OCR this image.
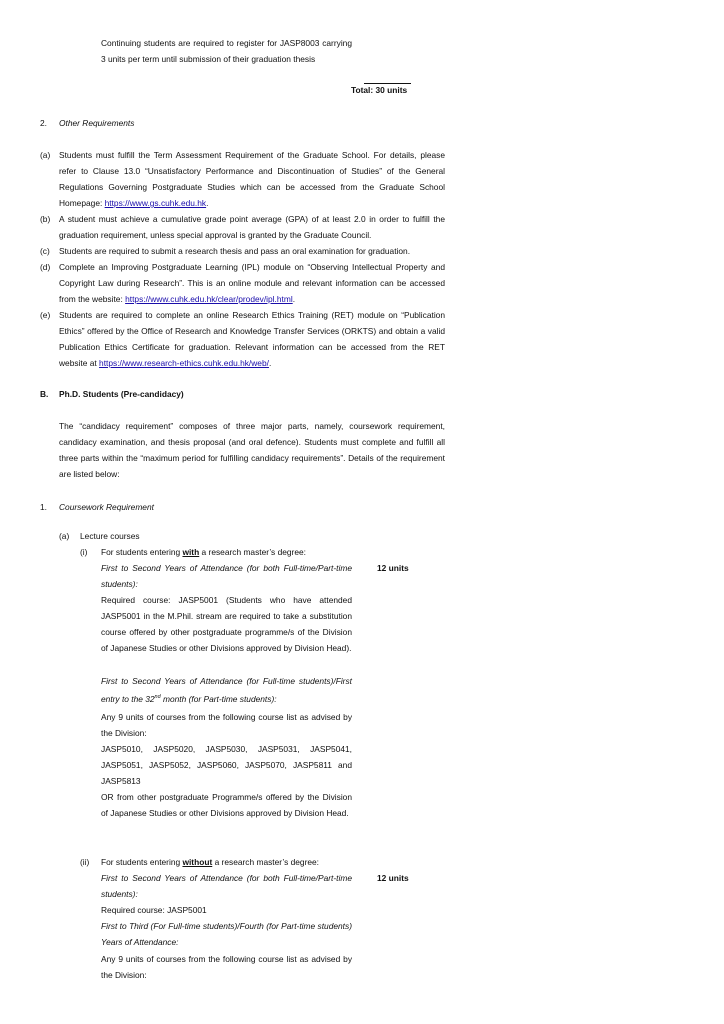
Continuing students are required to register for JASP8003 carrying 3 units per term until submission of their graduation thesis
Total: 30 units
2. Other Requirements
(a) Students must fulfill the Term Assessment Requirement of the Graduate School. For details, please refer to Clause 13.0 “Unsatisfactory Performance and Discontinuation of Studies” of the General Regulations Governing Postgraduate Studies which can be accessed from the Graduate School Homepage: https://www.gs.cuhk.edu.hk.
(b) A student must achieve a cumulative grade point average (GPA) of at least 2.0 in order to fulfill the graduation requirement, unless special approval is granted by the Graduate Council.
(c) Students are required to submit a research thesis and pass an oral examination for graduation.
(d) Complete an Improving Postgraduate Learning (IPL) module on “Observing Intellectual Property and Copyright Law during Research”. This is an online module and relevant information can be accessed from the website: https://www.cuhk.edu.hk/clear/prodev/ipl.html.
(e) Students are required to complete an online Research Ethics Training (RET) module on “Publication Ethics” offered by the Office of Research and Knowledge Transfer Services (ORKTS) and obtain a valid Publication Ethics Certificate for graduation. Relevant information can be accessed from the RET website at https://www.research-ethics.cuhk.edu.hk/web/.
B. Ph.D. Students (Pre-candidacy)
The “candidacy requirement” composes of three major parts, namely, coursework requirement, candidacy examination, and thesis proposal (and oral defence). Students must complete and fulfill all three parts within the “maximum period for fulfilling candidacy requirements”. Details of the requirement are listed below:
1. Coursework Requirement
(a) Lecture courses
(i) For students entering with a research master’s degree:
First to Second Years of Attendance (for both Full-time/Part-time students):
12 units
Required course: JASP5001 (Students who have attended JASP5001 in the M.Phil. stream are required to take a substitution course offered by other postgraduate programme/s of the Division of Japanese Studies or other Divisions approved by Division Head).
First to Second Years of Attendance (for Full-time students)/First entry to the 32nd month (for Part-time students):
Any 9 units of courses from the following course list as advised by the Division:
JASP5010, JASP5020, JASP5030, JASP5031, JASP5041, JASP5051, JASP5052, JASP5060, JASP5070, JASP5811 and JASP5813
OR from other postgraduate Programme/s offered by the Division of Japanese Studies or other Divisions approved by Division Head.
(ii) For students entering without a research master’s degree:
First to Second Years of Attendance (for both Full-time/Part-time students):
12 units
Required course: JASP5001
First to Third (For Full-time students)/Fourth (for Part-time students) Years of Attendance:
Any 9 units of courses from the following course list as advised by the Division:
